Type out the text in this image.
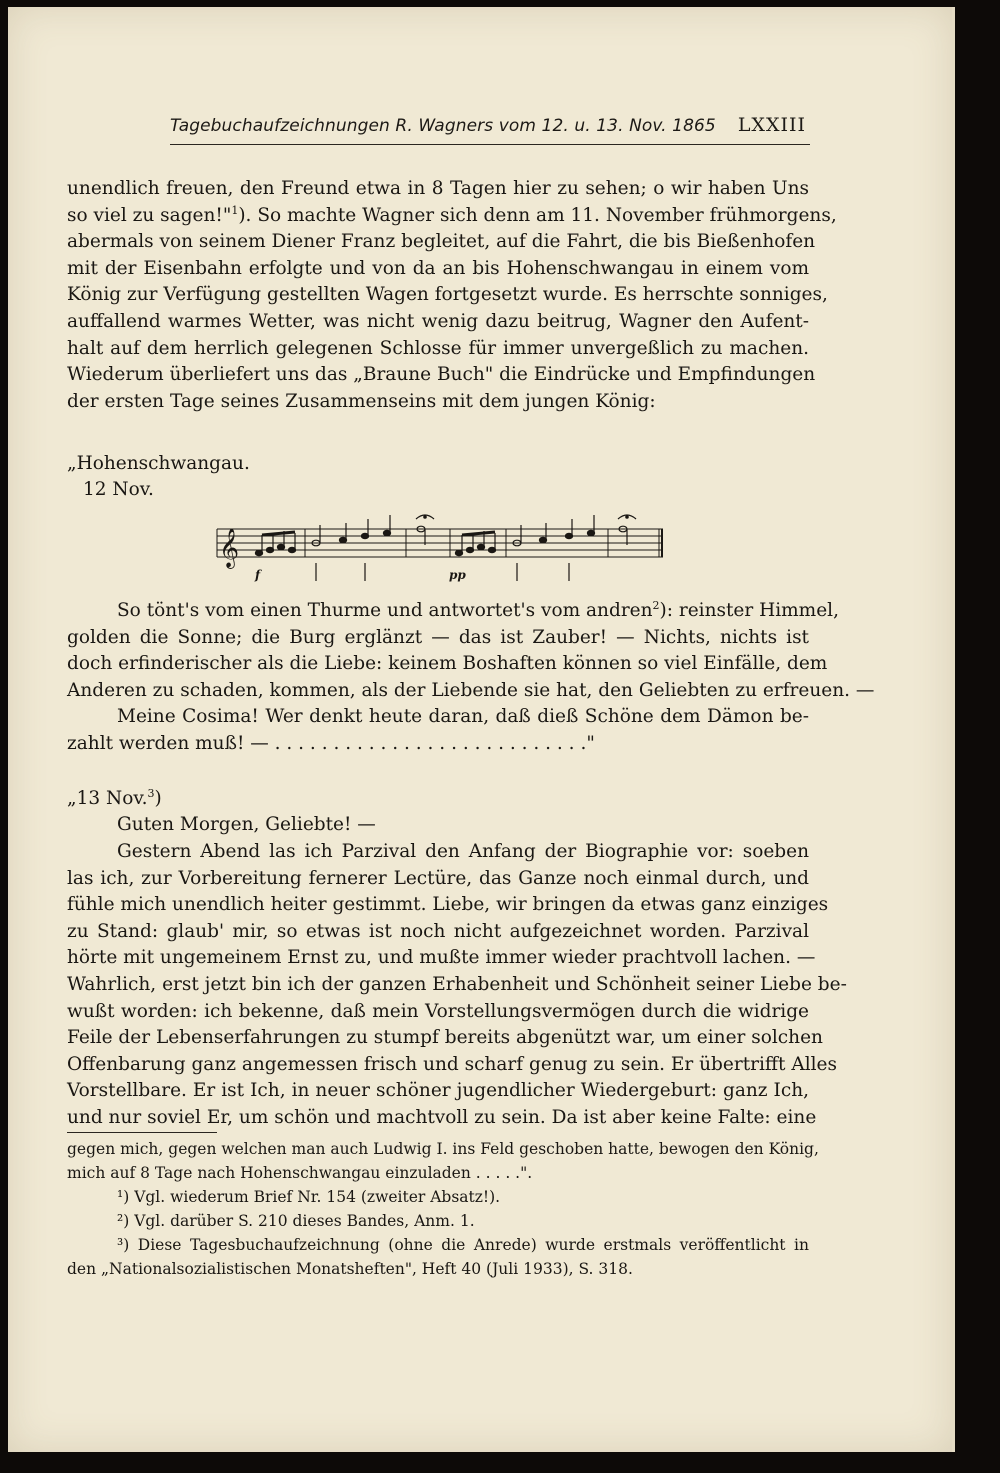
Tagebuchaufzeichnungen R. Wagners vom 12. u. 13. Nov. 1865 LXXIII
unendlich freuen, den Freund etwa in 8 Tagen hier zu sehen; o wir haben Uns
so viel zu sagen!"$^1$). So machte Wagner sich denn am 11. November frühmorgens,
abermals von seinem Diener Franz begleitet, auf die Fahrt, die bis Bießenhofen
mit der Eisenbahn erfolgte und von da an bis Hohenschwangau in einem vom
König zur Verfügung gestellten Wagen fortgesetzt wurde. Es herrschte sonniges,
auffallend warmes Wetter, was nicht wenig dazu beitrug, Wagner den Aufent-
halt auf dem herrlich gelegenen Schlosse für immer unvergeßlich zu machen.
Wiederum überliefert uns das „Braune Buch" die Eindrücke und Empfindungen
der ersten Tage seines Zusammenseins mit dem jungen König:
„Hohenschwangau.
12 Nov.
𝄞
f	pp
So tönt's vom einen Thurme und antwortet's vom andren$^2$): reinster Himmel,
golden die Sonne; die Burg erglänzt — das ist Zauber! — Nichts, nichts ist
doch erfinderischer als die Liebe: keinem Boshaften können so viel Einfälle, dem
Anderen zu schaden, kommen, als der Liebende sie hat, den Geliebten zu erfreuen. —
Meine Cosima! Wer denkt heute daran, daß dieß Schöne dem Dämon be-
zahlt werden muß! — . . . . . . . . . . . . . . . . . . . . . . . . . . ."
„13 Nov.$^3$)
Guten Morgen, Geliebte! —
Gestern Abend las ich Parzival den Anfang der Biographie vor: soeben
las ich, zur Vorbereitung fernerer Lectüre, das Ganze noch einmal durch, und
fühle mich unendlich heiter gestimmt. Liebe, wir bringen da etwas ganz einziges
zu Stand: glaub' mir, so etwas ist noch nicht aufgezeichnet worden. Parzival
hörte mit ungemeinem Ernst zu, und mußte immer wieder prachtvoll lachen. —
Wahrlich, erst jetzt bin ich der ganzen Erhabenheit und Schönheit seiner Liebe be-
wußt worden: ich bekenne, daß mein Vorstellungsvermögen durch die widrige
Feile der Lebenserfahrungen zu stumpf bereits abgenützt war, um einer solchen
Offenbarung ganz angemessen frisch und scharf genug zu sein. Er übertrifft Alles
Vorstellbare. Er ist Ich, in neuer schöner jugendlicher Wiedergeburt: ganz Ich,
und nur soviel Er, um schön und machtvoll zu sein. Da ist aber keine Falte: eine
gegen mich, gegen welchen man auch Ludwig I. ins Feld geschoben hatte, bewogen den König,
mich auf 8 Tage nach Hohenschwangau einzuladen . . . . .".
¹) Vgl. wiederum Brief Nr. 154 (zweiter Absatz!).
²) Vgl. darüber S. 210 dieses Bandes, Anm. 1.
³) Diese Tagesbuchaufzeichnung (ohne die Anrede) wurde erstmals veröffentlicht in
den „Nationalsozialistischen Monatsheften", Heft 40 (Juli 1933), S. 318.
